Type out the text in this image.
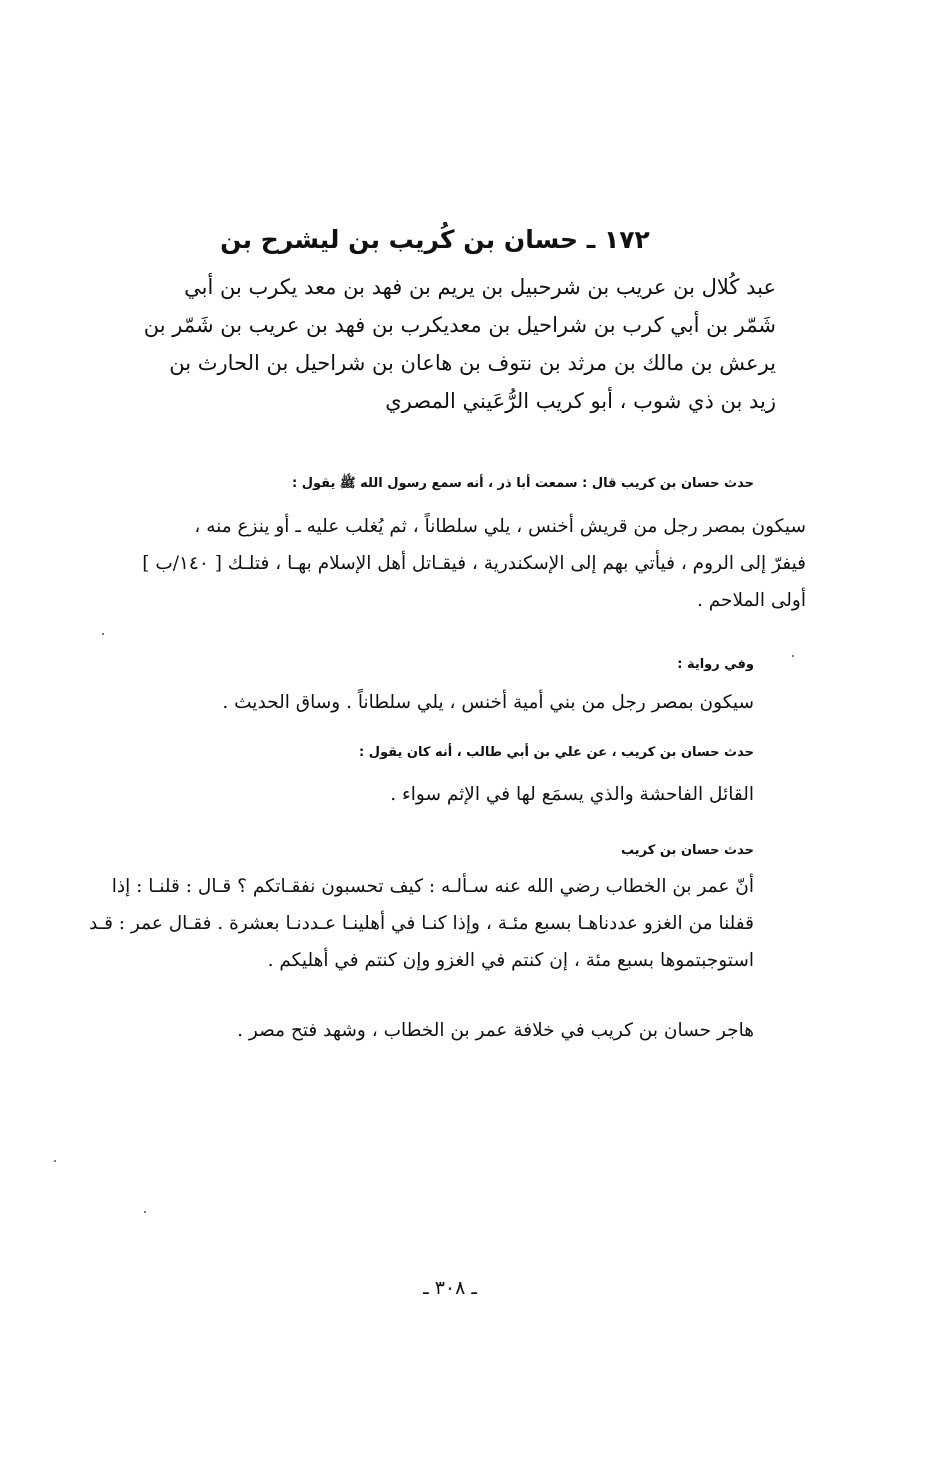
١٧٢ ـ حسان بن كُريب بن ليشرح بن
عبد كُلال بن عريب بن شرحبيل بن يريم بن فهد بن معد يكرب بن أبي
شَمّر بن أبي كرب بن شراحيل بن معديكرب بن فهد بن عريب بن شَمّر بن
يرعش بن مالك بن مرثد بن نتوف بن هاعان بن شراحيل بن الحارث بن
زيد بن ذي شوب ، أبو كريب الرُّعَيني المصري
حدث حسان بن كريب قال : سمعت أبا ذر ، أنه سمع رسول الله ﷺ يقول :
سيكون بمصر رجل من قريش أخنس ، يلي سلطاناً ، ثم يُغلب عليه ـ أو ينزع منه ،
فيفرّ إلى الروم ، فيأتي بهم إلى الإسكندرية ، فيقـاتل أهل الإسلام بهـا ، فتلـك [ ١٤٠/ب ]
أولى الملاحم .
وفي رواية :
سيكون بمصر رجل من بني أمية أخنس ، يلي سلطاناً . وساق الحديث .
حدث حسان بن كريب ، عن علي بن أبي طالب ، أنه كان يقول :
القائل الفاحشة والذي يسمَع لها في الإثم سواء .
حدث حسان بن كريب
أنّ عمر بن الخطاب رضي الله عنه سـألـه : كيف تحسبون نفقـاتكم ؟ قـال : قلنـا : إذا
قفلنا من الغزو عددناهـا بسبع مئـة ، وإذا كنـا في أهلينـا عـددنـا بعشرة . فقـال عمر : قـد
استوجبتموها بسبع مئة ، إن كنتم في الغزو وإن كنتم في أهليكم .
هاجر حسان بن كريب في خلافة عمر بن الخطاب ، وشهد فتح مصر .
ـ ٣٠٨ ـ
